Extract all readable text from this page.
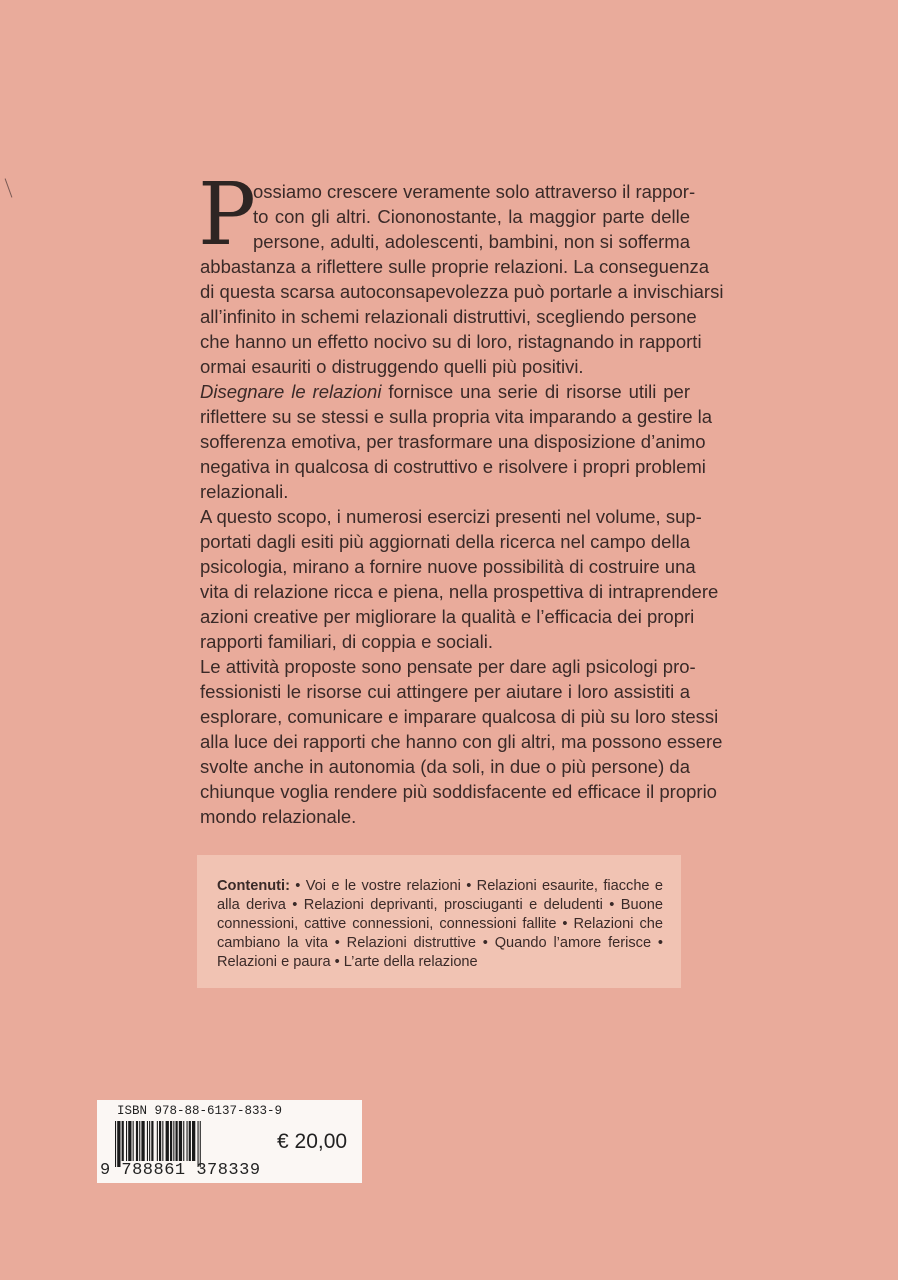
P
ossiamo crescere veramente solo attraverso il rappor-
to con gli altri. Ciononostante, la maggior parte delle
persone, adulti, adolescenti, bambini, non si sofferma
abbastanza a riflettere sulle proprie relazioni. La conseguenza
di questa scarsa autoconsapevolezza può portarle a invischiarsi
all’infinito in schemi relazionali distruttivi, scegliendo persone
che hanno un effetto nocivo su di loro, ristagnando in rapporti
ormai esauriti o distruggendo quelli più positivi.
Disegnare le relazioni fornisce una serie di risorse utili per
riflettere su se stessi e sulla propria vita imparando a gestire la
sofferenza emotiva, per trasformare una disposizione d’animo
negativa in qualcosa di costruttivo e risolvere i propri problemi
relazionali.
A questo scopo, i numerosi esercizi presenti nel volume, sup-
portati dagli esiti più aggiornati della ricerca nel campo della
psicologia, mirano a fornire nuove possibilità di costruire una
vita di relazione ricca e piena, nella prospettiva di intraprendere
azioni creative per migliorare la qualità e l’efficacia dei propri
rapporti familiari, di coppia e sociali.
Le attività proposte sono pensate per dare agli psicologi pro-
fessionisti le risorse cui attingere per aiutare i loro assistiti a
esplorare, comunicare e imparare qualcosa di più su loro stessi
alla luce dei rapporti che hanno con gli altri, ma possono essere
svolte anche in autonomia (da soli, in due o più persone) da
chiunque voglia rendere più soddisfacente ed efficace il proprio
mondo relazionale.
Contenuti: • Voi e le vostre relazioni • Relazioni esaurite, fiacche e
alla deriva • Relazioni deprivanti, prosciuganti e deludenti • Buone
connessioni, cattive connessioni, connessioni fallite • Relazioni che
cambiano la vita • Relazioni distruttive • Quando l’amore ferisce •
Relazioni e paura • L’arte della relazione
ISBN 978-88-6137-833-9
9 788861 378339
€ 20,00
